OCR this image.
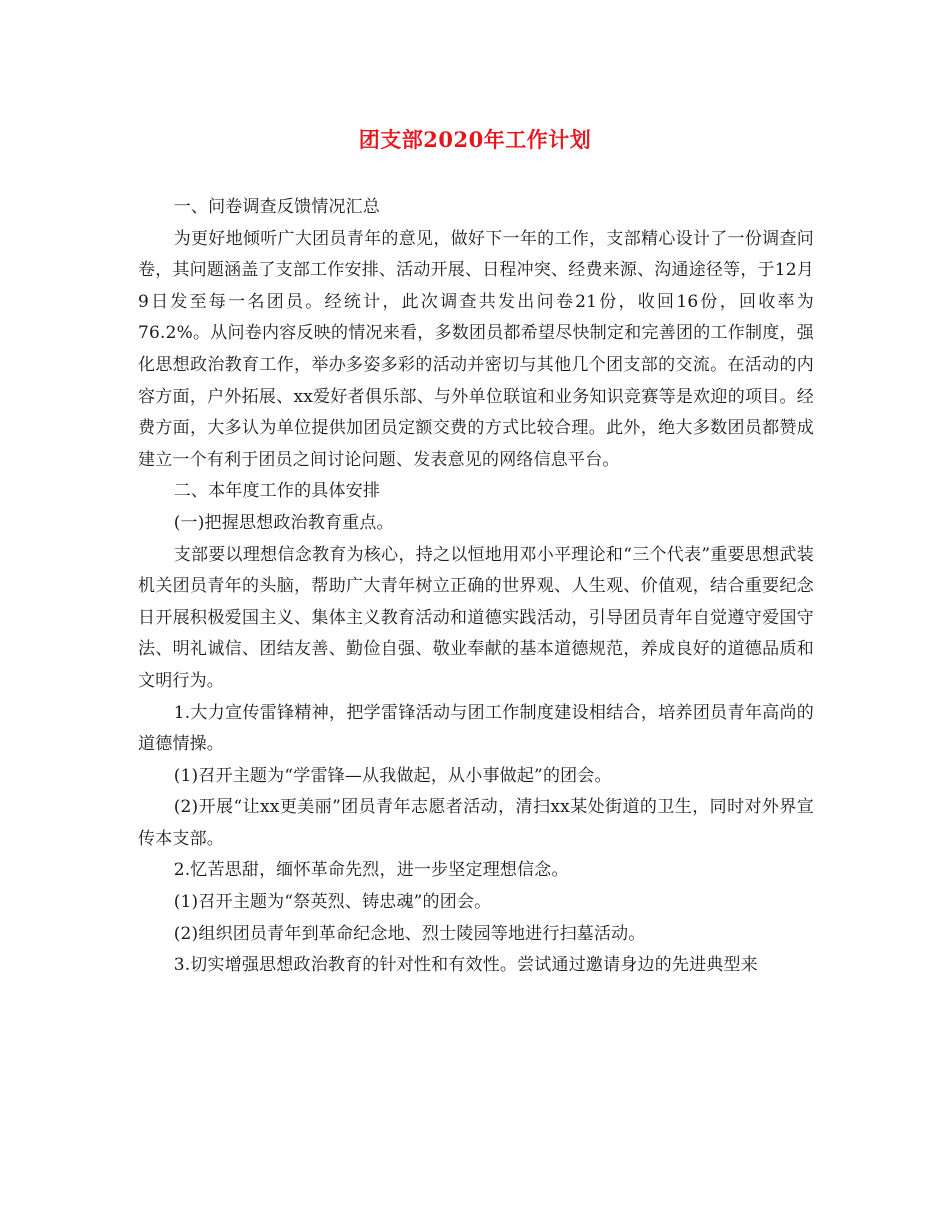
团支部2020年工作计划

一、问卷调查反馈情况汇总

为更好地倾听广大团员青年的意见，做好下一年的工作，支部精心设计了一份调查问卷，其问题涵盖了支部工作安排、活动开展、日程冲突、经费来源、沟通途径等，于12月9日发至每一名团员。经统计，此次调查共发出问卷21份，收回16份，回收率为76.2%。从问卷内容反映的情况来看，多数团员都希望尽快制定和完善团的工作制度，强化思想政治教育工作，举办多姿多彩的活动并密切与其他几个团支部的交流。在活动的内容方面，户外拓展、xx爱好者俱乐部、与外单位联谊和业务知识竞赛等是欢迎的项目。经费方面，大多认为单位提供加团员定额交费的方式比较合理。此外，绝大多数团员都赞成建立一个有利于团员之间讨论问题、发表意见的网络信息平台。

二、本年度工作的具体安排

(一)把握思想政治教育重点。

支部要以理想信念教育为核心，持之以恒地用邓小平理论和“三个代表”重要思想武装机关团员青年的头脑，帮助广大青年树立正确的世界观、人生观、价值观，结合重要纪念日开展积极爱国主义、集体主义教育活动和道德实践活动，引导团员青年自觉遵守爱国守法、明礼诚信、团结友善、勤俭自强、敬业奉献的基本道德规范，养成良好的道德品质和文明行为。

1.大力宣传雷锋精神，把学雷锋活动与团工作制度建设相结合，培养团员青年高尚的道德情操。

(1)召开主题为“学雷锋—从我做起，从小事做起”的团会。

(2)开展“让xx更美丽”团员青年志愿者活动，清扫xx某处街道的卫生，同时对外界宣传本支部。

2.忆苦思甜，缅怀革命先烈，进一步坚定理想信念。

(1)召开主题为“祭英烈、铸忠魂”的团会。

(2)组织团员青年到革命纪念地、烈士陵园等地进行扫墓活动。

3.切实增强思想政治教育的针对性和有效性。尝试通过邀请身边的先进典型来
